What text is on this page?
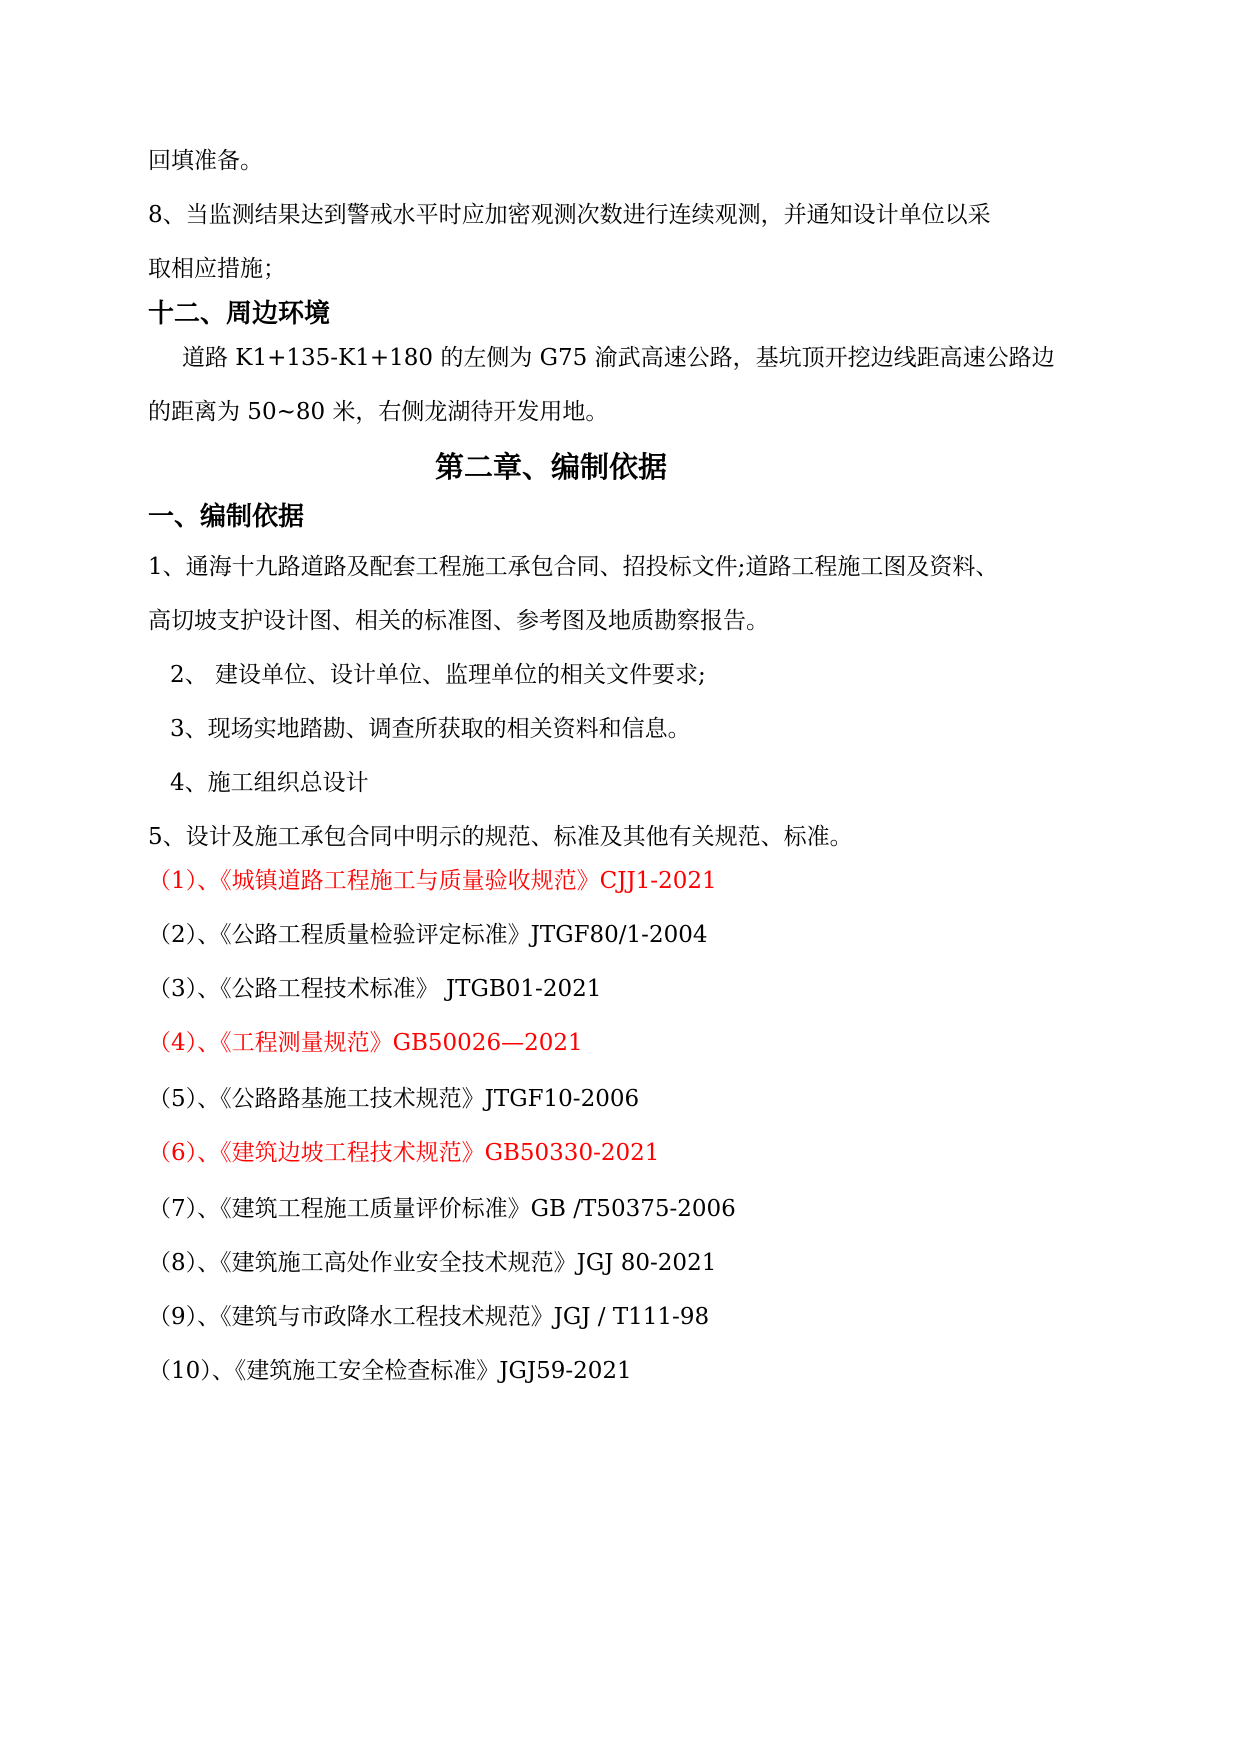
回填准备。
8、当监测结果达到警戒水平时应加密观测次数进行连续观测，并通知设计单位以采
取相应措施；
十二、周边环境
道路 K1+135-K1+180 的左侧为 G75 渝武高速公路，基坑顶开挖边线距高速公路边
的距离为 50~80 米，右侧龙湖待开发用地。
第二章、编制依据
一、编制依据
1、通海十九路道路及配套工程施工承包合同、招投标文件;道路工程施工图及资料、
高切坡支护设计图、相关的标准图、参考图及地质勘察报告。
2、 建设单位、设计单位、监理单位的相关文件要求;
3、现场实地踏勘、调查所获取的相关资料和信息。
4、施工组织总设计
5、设计及施工承包合同中明示的规范、标准及其他有关规范、标准。
（1）、《城镇道路工程施工与质量验收规范》CJJ1-2021
（2）、《公路工程质量检验评定标准》JTGF80/1-2004
（3）、《公路工程技术标准》 JTGB01-2021
（4）、《工程测量规范》GB50026—2021
（5）、《公路路基施工技术规范》JTGF10-2006
（6）、《建筑边坡工程技术规范》GB50330-2021
（7）、《建筑工程施工质量评价标准》GB /T50375-2006
（8）、《建筑施工高处作业安全技术规范》JGJ 80-2021
（9）、《建筑与市政降水工程技术规范》JGJ / T111-98
（10）、《建筑施工安全检查标准》JGJ59-2021
